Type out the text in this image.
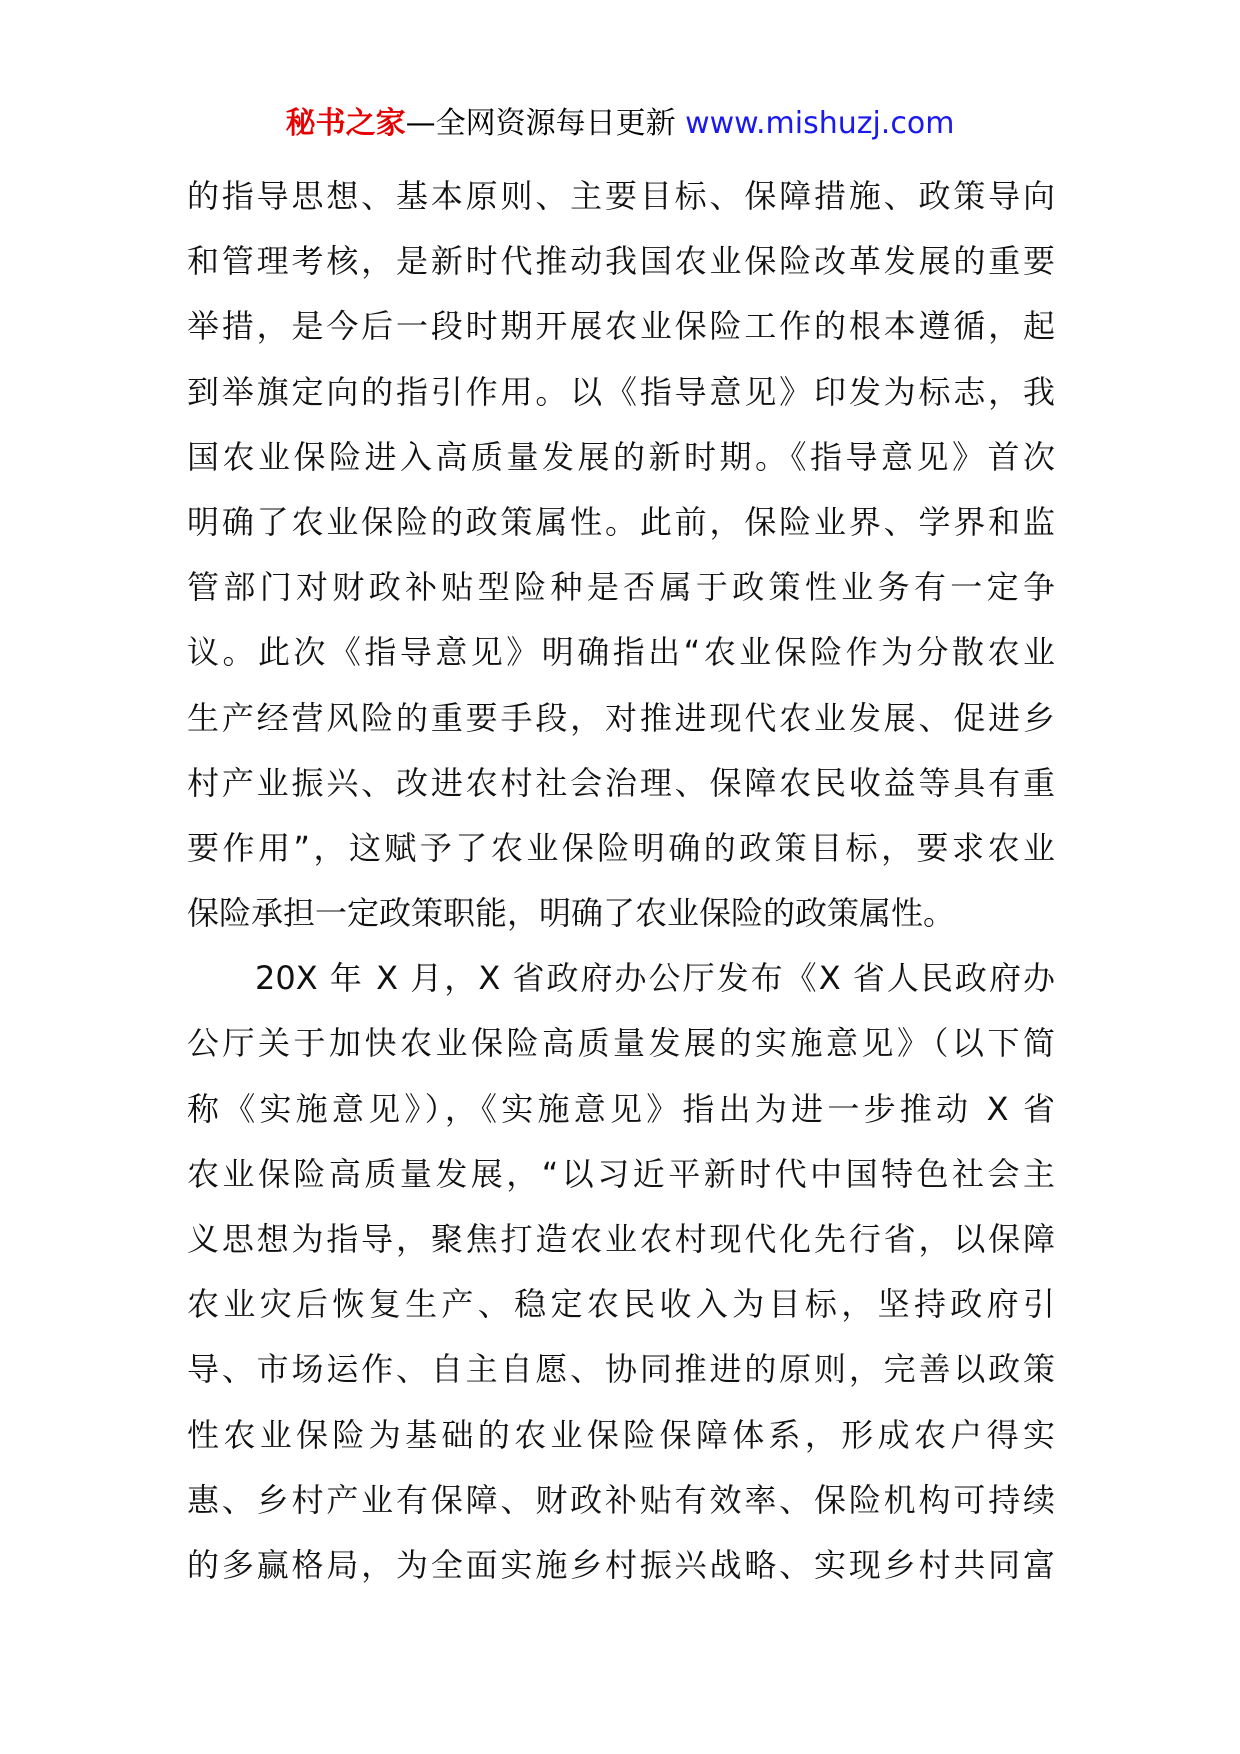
秘书之家—全网资源每日更新 www.mishuzj.com
的指导思想、基本原则、主要目标、保障措施、政策导向
和管理考核，是新时代推动我国农业保险改革发展的重要
举措，是今后一段时期开展农业保险工作的根本遵循，起
到举旗定向的指引作用。以《指导意见》印发为标志，我
国农业保险进入高质量发展的新时期。《指导意见》首次
明确了农业保险的政策属性。此前，保险业界、学界和监
管部门对财政补贴型险种是否属于政策性业务有一定争
议。此次《指导意见》明确指出“农业保险作为分散农业
生产经营风险的重要手段，对推进现代农业发展、促进乡
村产业振兴、改进农村社会治理、保障农民收益等具有重
要作用”，这赋予了农业保险明确的政策目标，要求农业
保险承担一定政策职能，明确了农业保险的政策属性。
　　20X 年 X 月，X 省政府办公厅发布《X 省人民政府办
公厅关于加快农业保险高质量发展的实施意见》（以下简
称《实施意见》），《实施意见》指出为进一步推动 X 省
农业保险高质量发展，“以习近平新时代中国特色社会主
义思想为指导，聚焦打造农业农村现代化先行省，以保障
农业灾后恢复生产、稳定农民收入为目标，坚持政府引
导、市场运作、自主自愿、协同推进的原则，完善以政策
性农业保险为基础的农业保险保障体系，形成农户得实
惠、乡村产业有保障、财政补贴有效率、保险机构可持续
的多赢格局，为全面实施乡村振兴战略、实现乡村共同富
